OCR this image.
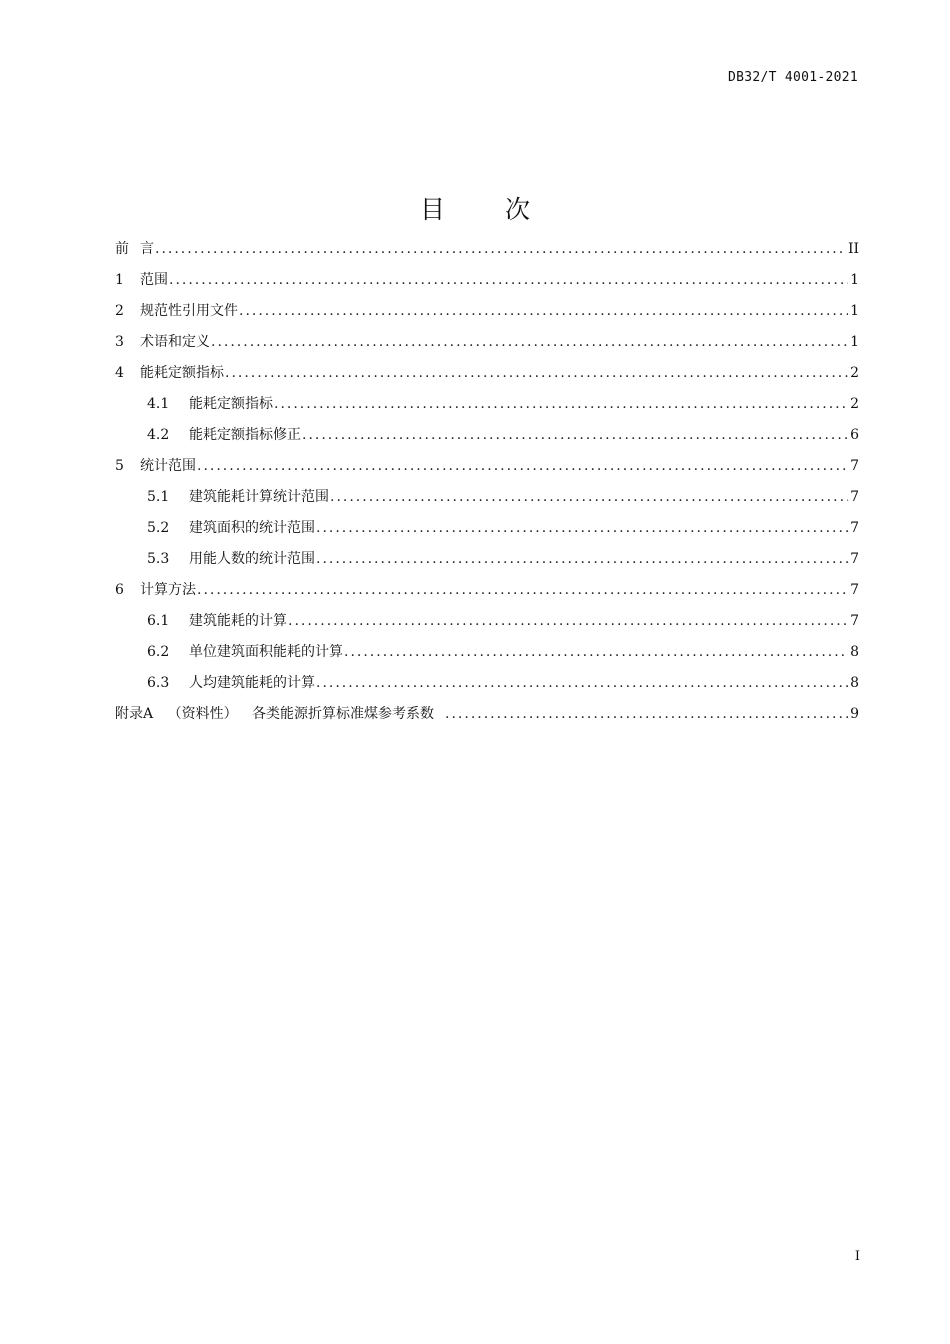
DB32/T 4001-2021
目 次
前 言 .....	II
1	范围 .....	1
2	规范性引用文件 .....	1
3	术语和定义 .....	1
4	能耗定额指标 .....	2
4.1	能耗定额指标 .....	2
4.2	能耗定额指标修正 .....	6
5	统计范围 .....	7
5.1	建筑能耗计算统计范围 .....	7
5.2	建筑面积的统计范围 .....	7
5.3	用能人数的统计范围 .....	7
6	计算方法 .....	7
6.1	建筑能耗的计算 .....	7
6.2	单位建筑面积能耗的计算 .....	8
6.3	人均建筑能耗的计算 .....	8
附录A （资料性） 各类能源折算标准煤参考系数 .....	9
I
